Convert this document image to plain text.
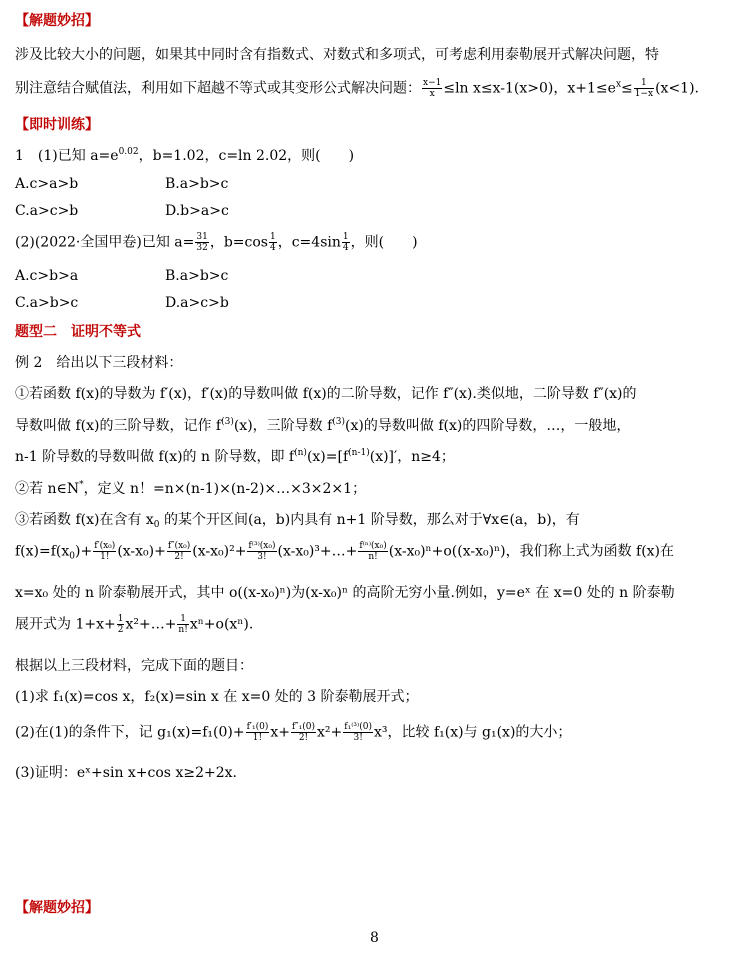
【解题妙招】
涉及比较大小的问题，如果其中同时含有指数式、对数式和多项式，可考虑利用泰勒展开式解决问题，特
别注意结合赋值法，利用如下超越不等式或其变形公式解决问题： $\frac{x-1}{x} \le\ln$ x≤x-1(x>0)，$x+1\le e^x\le \frac{1}{1-x} (x<1)$.
【即时训练】
1　(1)已知 $a=e^{0.02}$，b=1.02，c=ln 2.02，则(　　)
A.c>a>b	B.a>b>c
C.a>c>b	D.b>a>c
(2)(2022·全国甲卷)已知 $a= \frac{31}{32}$ ，$b=\cos \frac{1}{4}$ ，$c=4\sin \frac{1}{4}$ ，则(　　)
A.c>b>a	B.a>b>c
C.a>b>c	D.a>c>b
题型二　证明不等式
例 2　给出以下三段材料：
①若函数 f(x)的导数为 f′(x)，f′(x)的导数叫做 f(x)的二阶导数，记作 f″(x).类似地，二阶导数 f″(x)的
导数叫做 f(x)的三阶导数，记作 $f^{(3)}(x)$，三阶导数 $f^{(3)}(x)$的导数叫做 f(x)的四阶导数，…，一般地，
n-1 阶导数的导数叫做 f(x)的 n 阶导数，即 $f^{(n)}(x)=[f^{(n-1)}(x)]'$，n≥4；
②若 n∈N*，定义 n！=n×(n-1)×(n-2)×…×3×2×1；
③若函数 f(x)在含有 $x_0$ 的某个开区间(a，b)内具有 n+1 阶导数，那么对于∀x∈(a，b)，有
$f(x)=f(x_0)+ \frac{\text{f′(x₀)}}{1!} (x-x_0)+ \frac{\text{f″(x₀)}}{2!} (x-x_0)^2+ \frac{\text{f⁽³⁾(x₀)}}{3!}$ (x-x₀)³+…+ $\frac{\text{f⁽ⁿ⁾(x₀)}}{n!} (x-x_0)^n+o((x-x_0)^n)$，我们称上式为函数 f(x)在
x=x₀ 处的 n 阶泰勒展开式，其中 o((x-x₀)ⁿ)为(x-x₀)ⁿ 的高阶无穷小量.例如，y=eˣ 在 x=0 处的 n 阶泰勒
展开式为 $1+x+ \frac{1}{2}$ x²+…+ $\frac{1}{n!} x^n+o(x^n)$.
根据以上三段材料，完成下面的题目：
(1)求 f₁(x)=cos x，f₂(x)=sin x 在 x=0 处的 3 阶泰勒展开式；
(2)在(1)的条件下，记 $g_1(x)=f_1(0)+ \frac{\text{f′₁(0)}}{1!} x+ \frac{\text{f″₁(0)}}{2!} x^2+ \frac{\text{f₁⁽³⁾(0)}}{3!} x^3$，比较 f₁(x)与 g₁(x)的大小；
(3)证明：eˣ+sin x+cos x≥2+2x.
【解题妙招】
8
